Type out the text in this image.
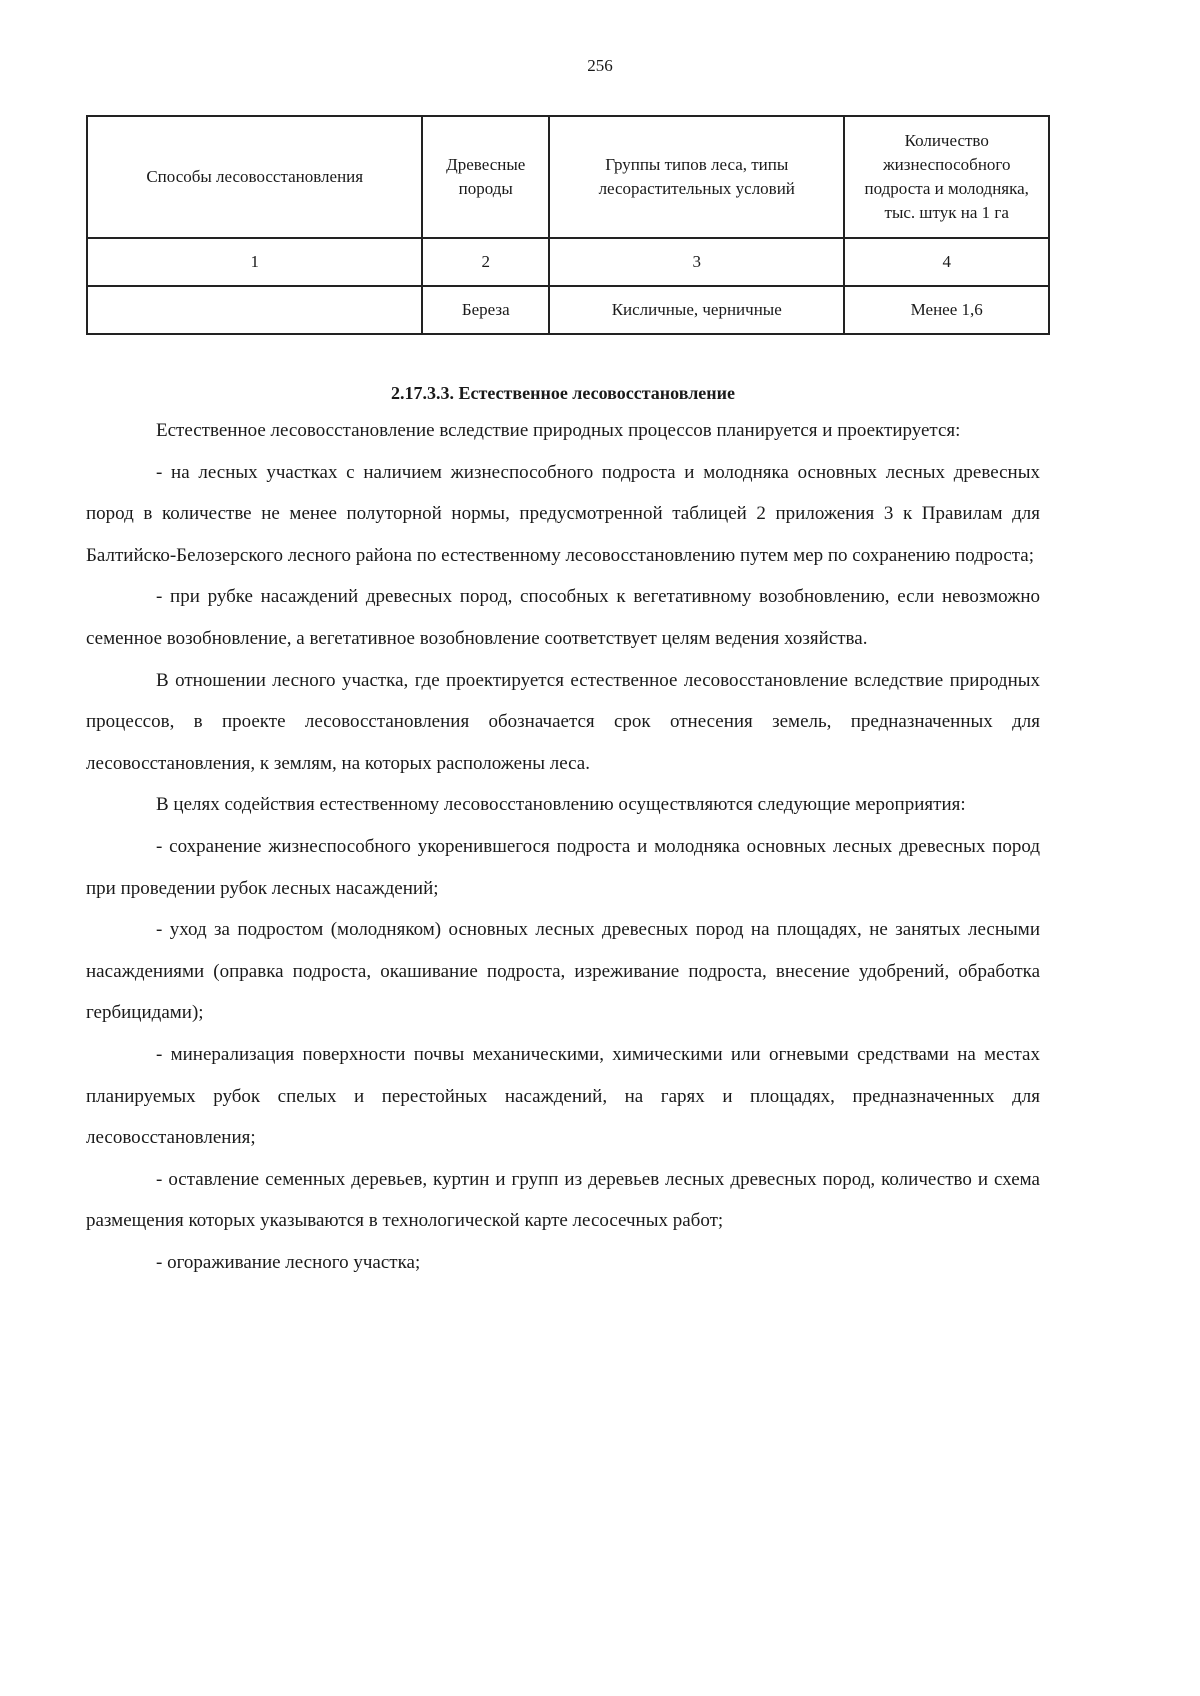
256
Способы лесовосстановления	Древесные породы	Группы типов леса, типы лесорастительных условий	Количество жизнеспособного подроста и молодняка, тыс. штук на 1 га
1	2	3	4
	Береза	Кисличные, черничные	Менее 1,6
2.17.3.3. Естественное лесовосстановление

Естественное лесовосстановление вследствие природных процессов планируется и проектируется:

- на лесных участках с наличием жизнеспособного подроста и молодняка основных лесных древесных пород в количестве не менее полуторной нормы, предусмотренной таблицей 2 приложения 3 к Правилам для Балтийско-Белозерского лесного района по естественному лесовосстановлению путем мер по сохранению подроста;

- при рубке насаждений древесных пород, способных к вегетативному возобновлению, если невозможно семенное возобновление, а вегетативное возобновление соответствует целям ведения хозяйства.

В отношении лесного участка, где проектируется естественное лесовосстановление вследствие природных процессов, в проекте лесовосстановления обозначается срок отнесения земель, предназначенных для лесовосстановления, к землям, на которых расположены леса.

В целях содействия естественному лесовосстановлению осуществляются следующие мероприятия:

- сохранение жизнеспособного укоренившегося подроста и молодняка основных лесных древесных пород при проведении рубок лесных насаждений;

- уход за подростом (молодняком) основных лесных древесных пород на площадях, не занятых лесными насаждениями (оправка подроста, окашивание подроста, изреживание подроста, внесение удобрений, обработка гербицидами);

- минерализация поверхности почвы механическими, химическими или огневыми средствами на местах планируемых рубок спелых и перестойных насаждений, на гарях и площадях, предназначенных для лесовосстановления;

- оставление семенных деревьев, куртин и групп из деревьев лесных древесных пород, количество и схема размещения которых указываются в технологической карте лесосечных работ;

- огораживание лесного участка;
